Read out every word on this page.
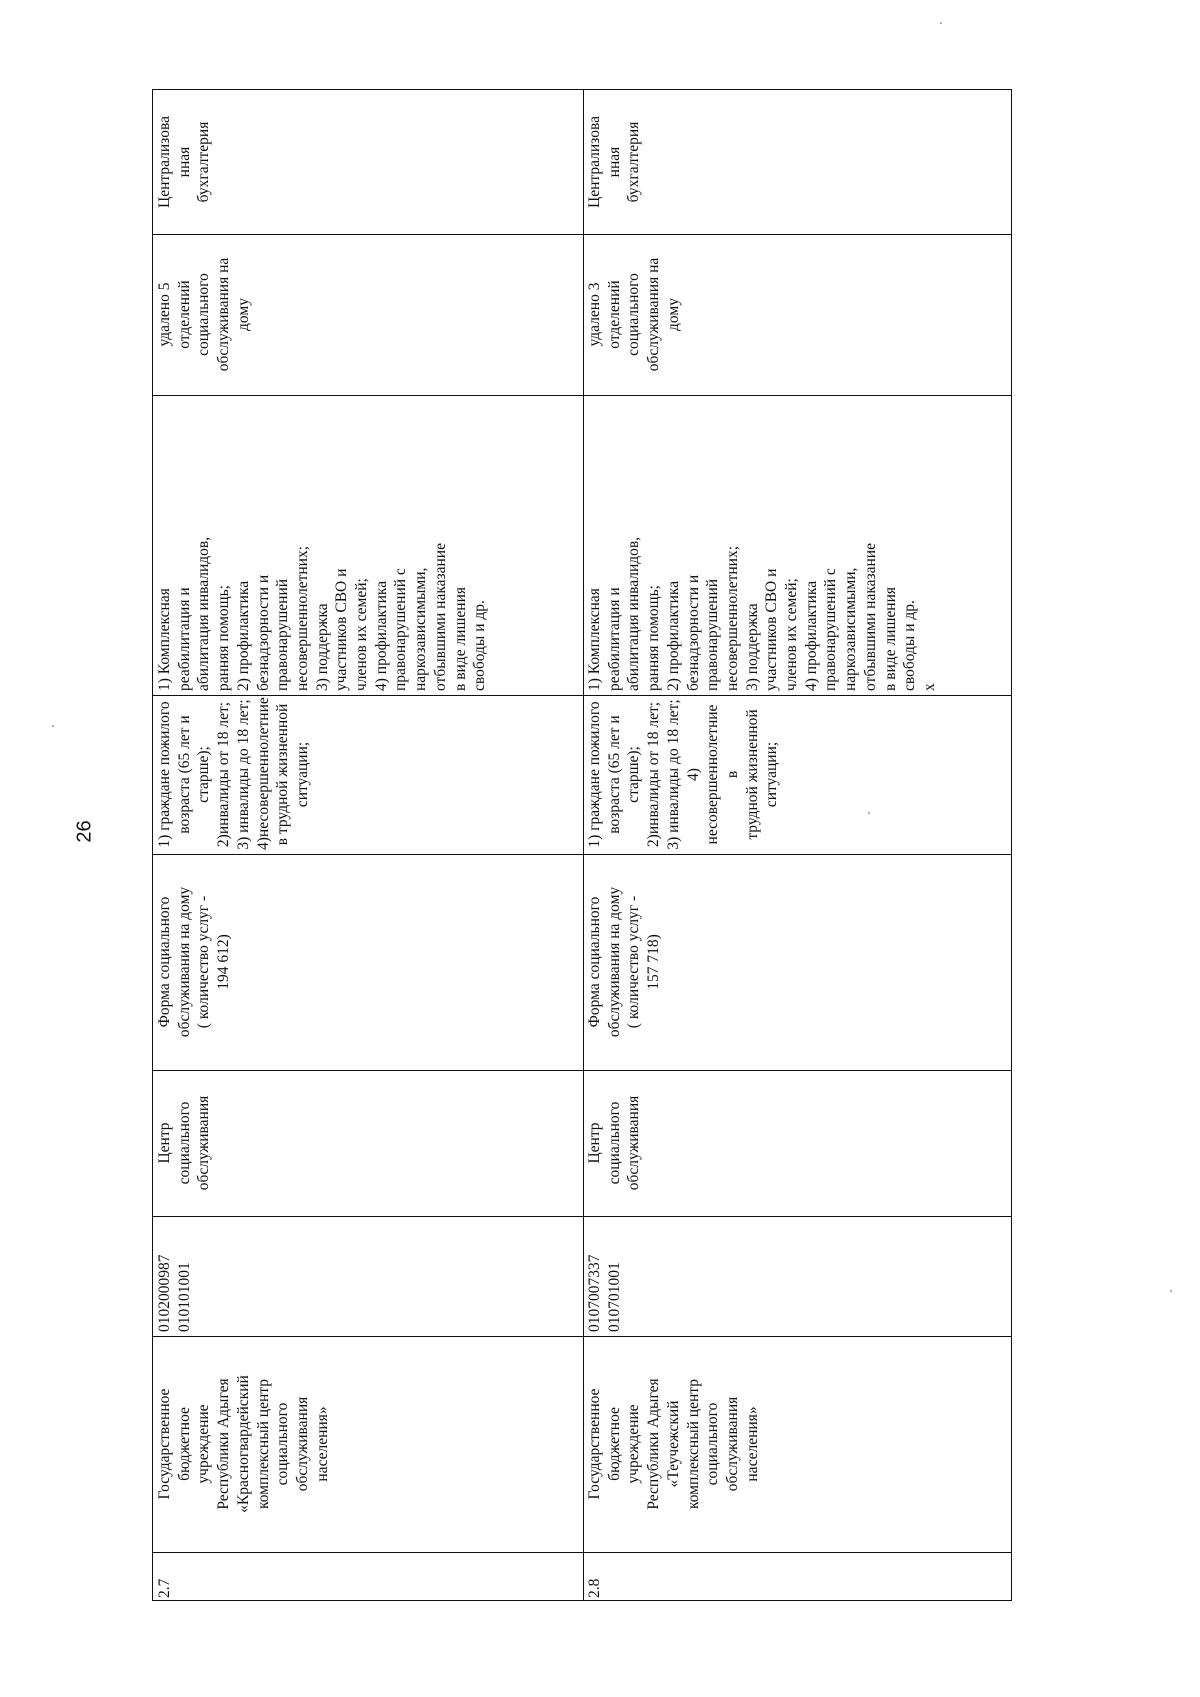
26
2.7
Государственное
бюджетное
учреждение
Республики Адыгея
«Красногвардейский
комплексный центр
социального
обслуживания
населения»
0102000987
010101001
Центр
социального
обслуживания
Форма социального
обслуживания на дому
( количество услуг -
194 612)
1) граждане пожилого
возраста (65 лет и
старше);
2)инвалиды от 18 лет;
3) инвалиды до 18 лет;
4)несовершеннолетние
в трудной жизненной
ситуации;
1) Комплексная
реабилитация и
абилитация инвалидов,
ранняя помощь;
2) профилактика
безнадзорности и
правонарушений
несовершеннолетних;
3) поддержка
участников СВО и
членов их семей;
4) профилактика
правонарушений с
наркозависимыми,
отбывшими наказание
в виде лишения
свободы и др.
удалено 5
отделений
социального
обслуживания на
дому
Централизова
нная
бухгалтерия
2.8
Государственное
бюджетное
учреждение
Республики Адыгея
«Теучежский
комплексный центр
социального
обслуживания
населения»
0107007337
010701001
Центр
социального
обслуживания
Форма социального
обслуживания на дому
( количество услуг -
157 718)
1) граждане пожилого
возраста (65 лет и
старше);
2)инвалиды от 18 лет;
3) инвалиды до 18 лет;
4)
несовершеннолетние в
трудной жизненной
ситуации;
1) Комплексная
реабилитация и
абилитация инвалидов,
ранняя помощь;
2) профилактика
безнадзорности и
правонарушений
несовершеннолетних;
3) поддержка
участников СВО и
членов их семей;
4) профилактика
правонарушений с
наркозависимыми,
отбывшими наказание
в виде лишения
свободы и др.
х
удалено 3
отделений
социального
обслуживания на
дому
Централизова
нная
бухгалтерия
